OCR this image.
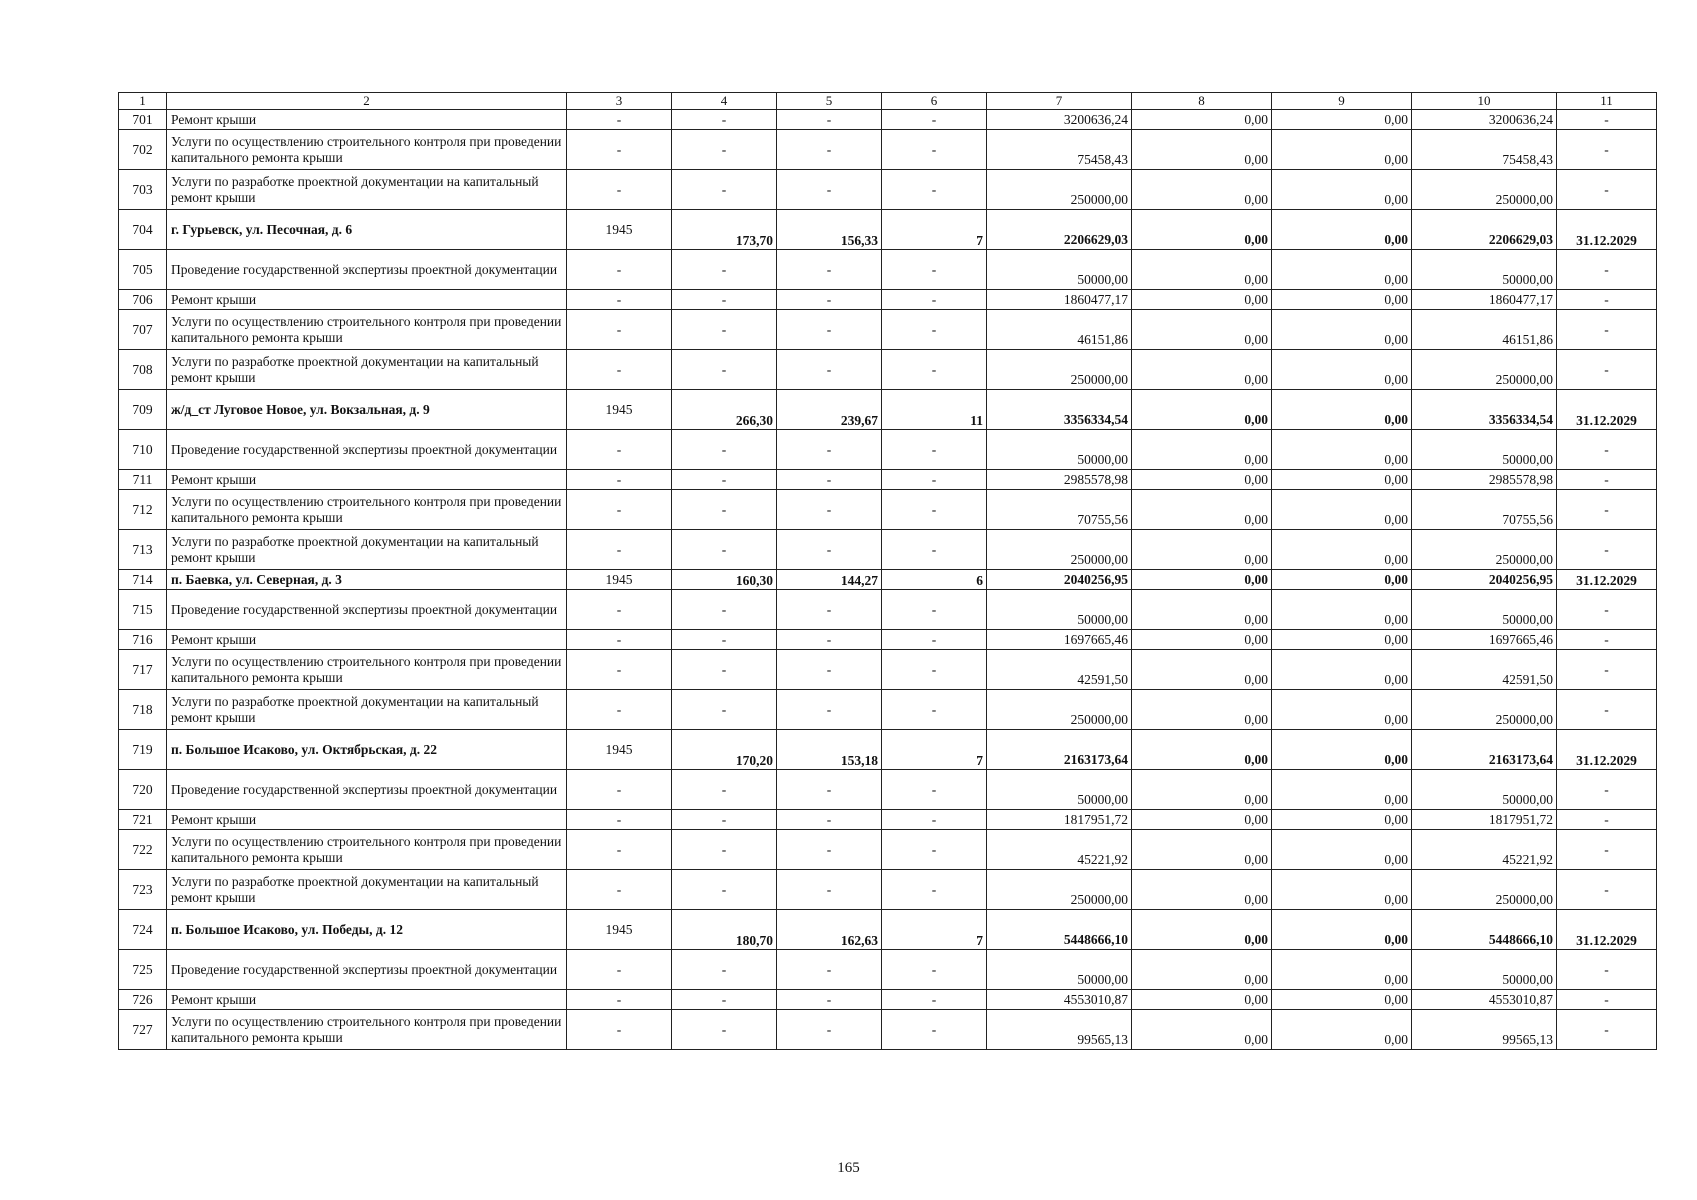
1	2	3	4	5	6	7	8	9	10	11
701	Ремонт крыши	-	-	-	-	3200636,24	0,00	0,00	3200636,24	-
702	Услуги по осуществлению строительного контроля при проведении капитального ремонта крыши	-	-	-	-	75458,43	0,00	0,00	75458,43	-
703	Услуги по разработке проектной документации на капитальный ремонт крыши	-	-	-	-	250000,00	0,00	0,00	250000,00	-
704	г. Гурьевск, ул. Песочная, д. 6	1945	173,70	156,33	7	2206629,03	0,00	0,00	2206629,03	31.12.2029
705	Проведение государственной экспертизы проектной документации	-	-	-	-	50000,00	0,00	0,00	50000,00	-
706	Ремонт крыши	-	-	-	-	1860477,17	0,00	0,00	1860477,17	-
707	Услуги по осуществлению строительного контроля при проведении капитального ремонта крыши	-	-	-	-	46151,86	0,00	0,00	46151,86	-
708	Услуги по разработке проектной документации на капитальный ремонт крыши	-	-	-	-	250000,00	0,00	0,00	250000,00	-
709	ж/д_ст Луговое Новое, ул. Вокзальная, д. 9	1945	266,30	239,67	11	3356334,54	0,00	0,00	3356334,54	31.12.2029
710	Проведение государственной экспертизы проектной документации	-	-	-	-	50000,00	0,00	0,00	50000,00	-
711	Ремонт крыши	-	-	-	-	2985578,98	0,00	0,00	2985578,98	-
712	Услуги по осуществлению строительного контроля при проведении капитального ремонта крыши	-	-	-	-	70755,56	0,00	0,00	70755,56	-
713	Услуги по разработке проектной документации на капитальный ремонт крыши	-	-	-	-	250000,00	0,00	0,00	250000,00	-
714	п. Баевка, ул. Северная, д. 3	1945	160,30	144,27	6	2040256,95	0,00	0,00	2040256,95	31.12.2029
715	Проведение государственной экспертизы проектной документации	-	-	-	-	50000,00	0,00	0,00	50000,00	-
716	Ремонт крыши	-	-	-	-	1697665,46	0,00	0,00	1697665,46	-
717	Услуги по осуществлению строительного контроля при проведении капитального ремонта крыши	-	-	-	-	42591,50	0,00	0,00	42591,50	-
718	Услуги по разработке проектной документации на капитальный ремонт крыши	-	-	-	-	250000,00	0,00	0,00	250000,00	-
719	п. Большое Исаково, ул. Октябрьская, д. 22	1945	170,20	153,18	7	2163173,64	0,00	0,00	2163173,64	31.12.2029
720	Проведение государственной экспертизы проектной документации	-	-	-	-	50000,00	0,00	0,00	50000,00	-
721	Ремонт крыши	-	-	-	-	1817951,72	0,00	0,00	1817951,72	-
722	Услуги по осуществлению строительного контроля при проведении капитального ремонта крыши	-	-	-	-	45221,92	0,00	0,00	45221,92	-
723	Услуги по разработке проектной документации на капитальный ремонт крыши	-	-	-	-	250000,00	0,00	0,00	250000,00	-
724	п. Большое Исаково, ул. Победы, д. 12	1945	180,70	162,63	7	5448666,10	0,00	0,00	5448666,10	31.12.2029
725	Проведение государственной экспертизы проектной документации	-	-	-	-	50000,00	0,00	0,00	50000,00	-
726	Ремонт крыши	-	-	-	-	4553010,87	0,00	0,00	4553010,87	-
727	Услуги по осуществлению строительного контроля при проведении капитального ремонта крыши	-	-	-	-	99565,13	0,00	0,00	99565,13	-
165
